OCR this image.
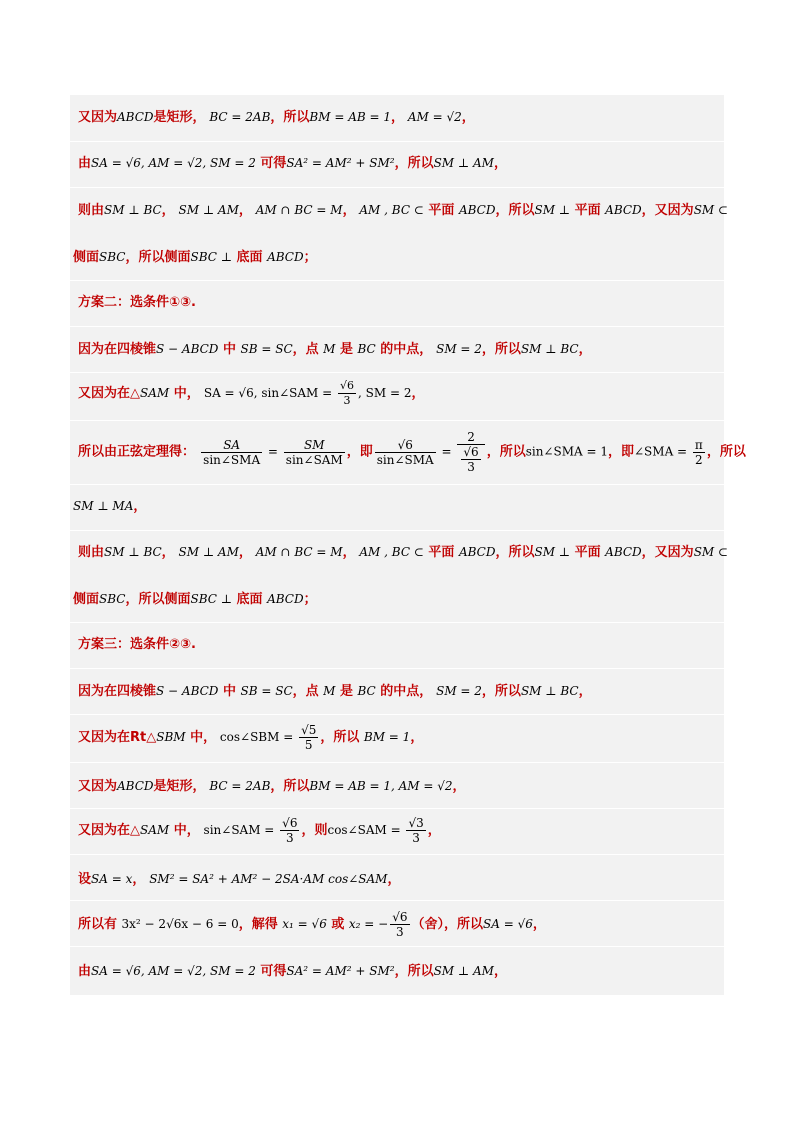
又因为ABCD是矩形， BC = 2AB，所以BM = AB = 1， AM = √2，
由SA = √6, AM = √2, SM = 2 可得SA² = AM² + SM²，所以SM ⊥ AM，
则由SM ⊥ BC， SM ⊥ AM， AM ∩ BC = M， AM , BC ⊂ 平面 ABCD，所以SM ⊥ 平面 ABCD，又因为SM ⊂
侧面SBC，所以侧面SBC ⊥ 底面 ABCD；
方案二：选条件①③.
因为在四棱锥S − ABCD 中 SB = SC，点 M 是 BC 的中点， SM = 2，所以SM ⊥ BC，
又因为在△SAM 中， SA = √6, sin∠SAM = $\frac{√6}{3}$ , SM = 2，
所以由正弦定理得： $\frac{SA}{\text{sin∠SMA}} = \frac{SM}{\text{sin∠SAM}}$ ，即 $\frac{√6}{\text{sin∠SMA}} = \frac{2}{\frac{√6}{3}}$ ，所以sin∠SMA = 1，即∠SMA = $\frac{\pi}{2}$ ，所以
SM ⊥ MA，
则由SM ⊥ BC， SM ⊥ AM， AM ∩ BC = M， AM , BC ⊂ 平面 ABCD，所以SM ⊥ 平面 ABCD，又因为SM ⊂
侧面SBC，所以侧面SBC ⊥ 底面 ABCD；
方案三：选条件②③.
因为在四棱锥S − ABCD 中 SB = SC，点 M 是 BC 的中点， SM = 2，所以SM ⊥ BC，
又因为在Rt△SBM 中， cos∠SBM = $\frac{√5}{5}$ ，所以 BM = 1，
又因为ABCD是矩形， BC = 2AB，所以BM = AB = 1, AM = √2，
又因为在△SAM 中， sin∠SAM = $\frac{√6}{3}$ ，则cos∠SAM = $\frac{√3}{3}$ ，
设SA = x， SM² = SA² + AM² − 2SA·AM cos∠SAM，
所以有 3x² − 2√6x − 6 = 0，解得 x₁ = √6 或 x₂ = − $\frac{√6}{3}$ （舍），所以SA = √6，
由SA = √6, AM = √2, SM = 2 可得SA² = AM² + SM²，所以SM ⊥ AM，
